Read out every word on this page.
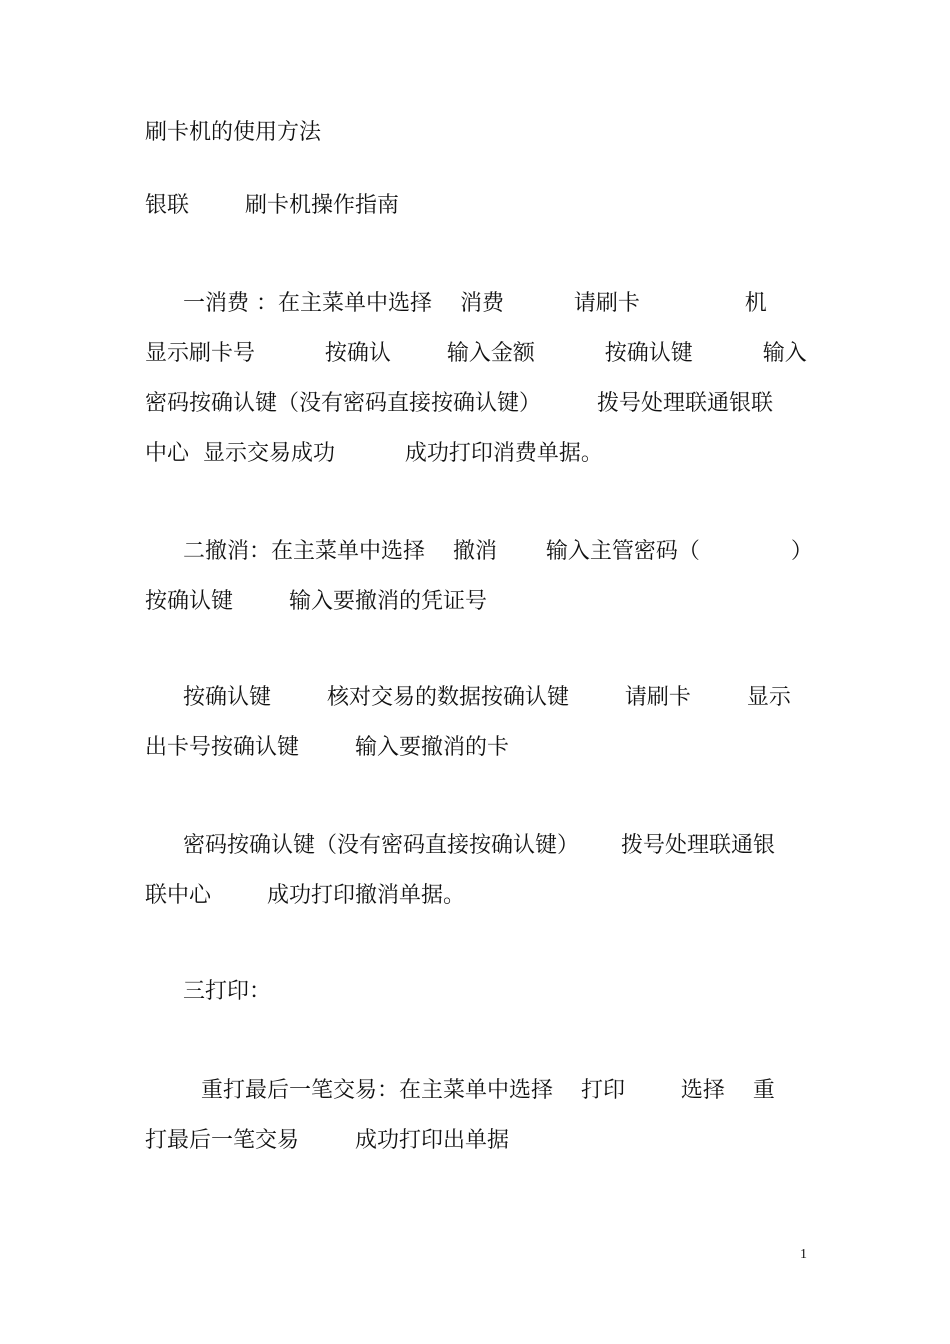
刷卡机的使用方法

银联        刷卡机操作指南

一消费 ：在主菜单中选择    消费          请刷卡               机

显示刷卡号          按确认        输入金额          按确认键          输入

密码按确认键（没有密码直接按确认键）        拨号处理联通银联

中心  显示交易成功          成功打印消费单据。

二撤消：在主菜单中选择    撤消       输入主管密码（             ）

按确认键        输入要撤消的凭证号

按确认键        核对交易的数据按确认键        请刷卡        显示

出卡号按确认键        输入要撤消的卡

密码按确认键（没有密码直接按确认键）      拨号处理联通银

联中心        成功打印撤消单据。

三打印：

重打最后一笔交易：在主菜单中选择    打印        选择    重

打最后一笔交易        成功打印出单据

1
